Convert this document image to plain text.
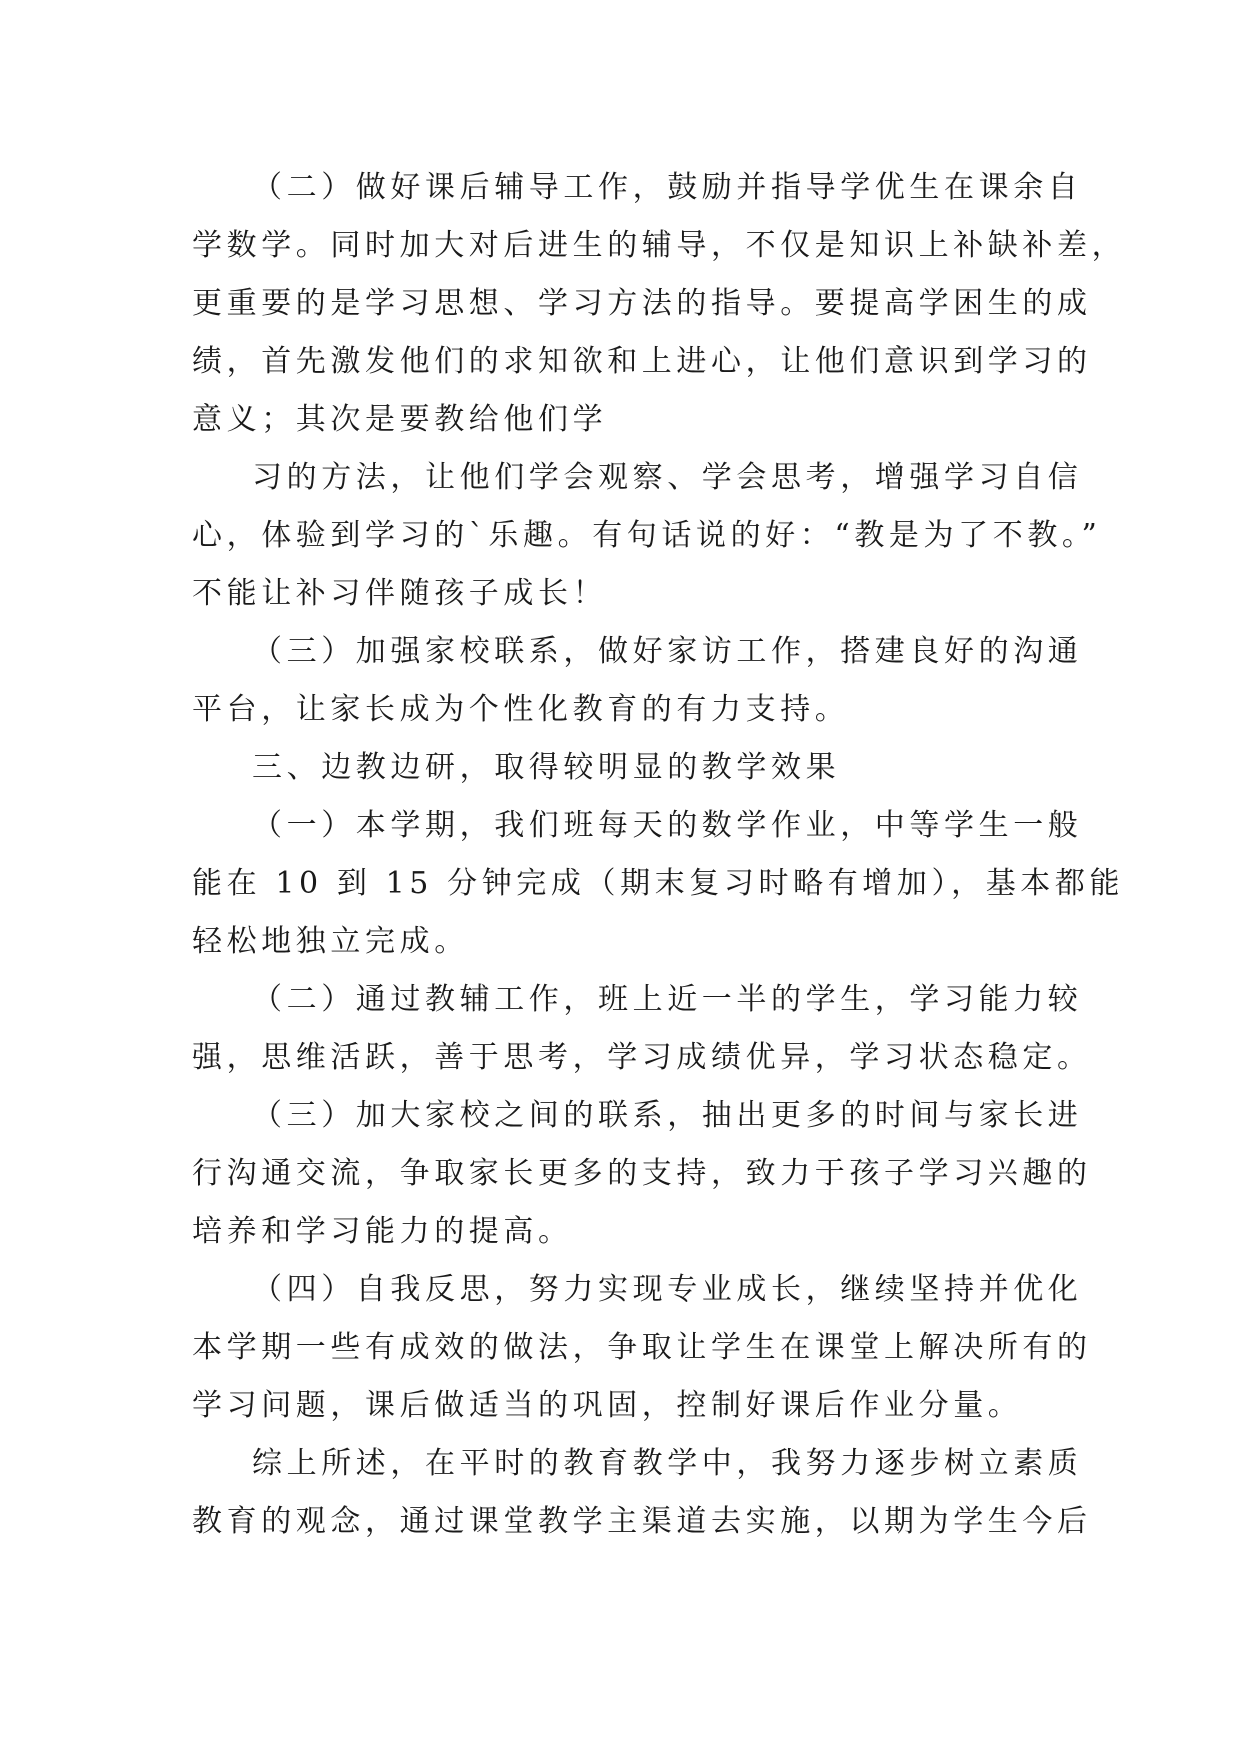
（二）做好课后辅导工作，鼓励并指导学优生在课余自
学数学。同时加大对后进生的辅导，不仅是知识上补缺补差，
更重要的是学习思想、学习方法的指导。要提高学困生的成
绩，首先激发他们的求知欲和上进心，让他们意识到学习的
意义；其次是要教给他们学
习的方法，让他们学会观察、学会思考，增强学习自信
心，体验到学习的`乐趣。有句话说的好：“教是为了不教。”
不能让补习伴随孩子成长！
（三）加强家校联系，做好家访工作，搭建良好的沟通
平台，让家长成为个性化教育的有力支持。
三、边教边研，取得较明显的教学效果
（一）本学期，我们班每天的数学作业，中等学生一般
能在 10 到 15 分钟完成（期末复习时略有增加），基本都能
轻松地独立完成。
（二）通过教辅工作，班上近一半的学生，学习能力较
强，思维活跃，善于思考，学习成绩优异，学习状态稳定。
（三）加大家校之间的联系，抽出更多的时间与家长进
行沟通交流，争取家长更多的支持，致力于孩子学习兴趣的
培养和学习能力的提高。
（四）自我反思，努力实现专业成长，继续坚持并优化
本学期一些有成效的做法，争取让学生在课堂上解决所有的
学习问题，课后做适当的巩固，控制好课后作业分量。
综上所述，在平时的教育教学中，我努力逐步树立素质
教育的观念，通过课堂教学主渠道去实施，以期为学生今后
